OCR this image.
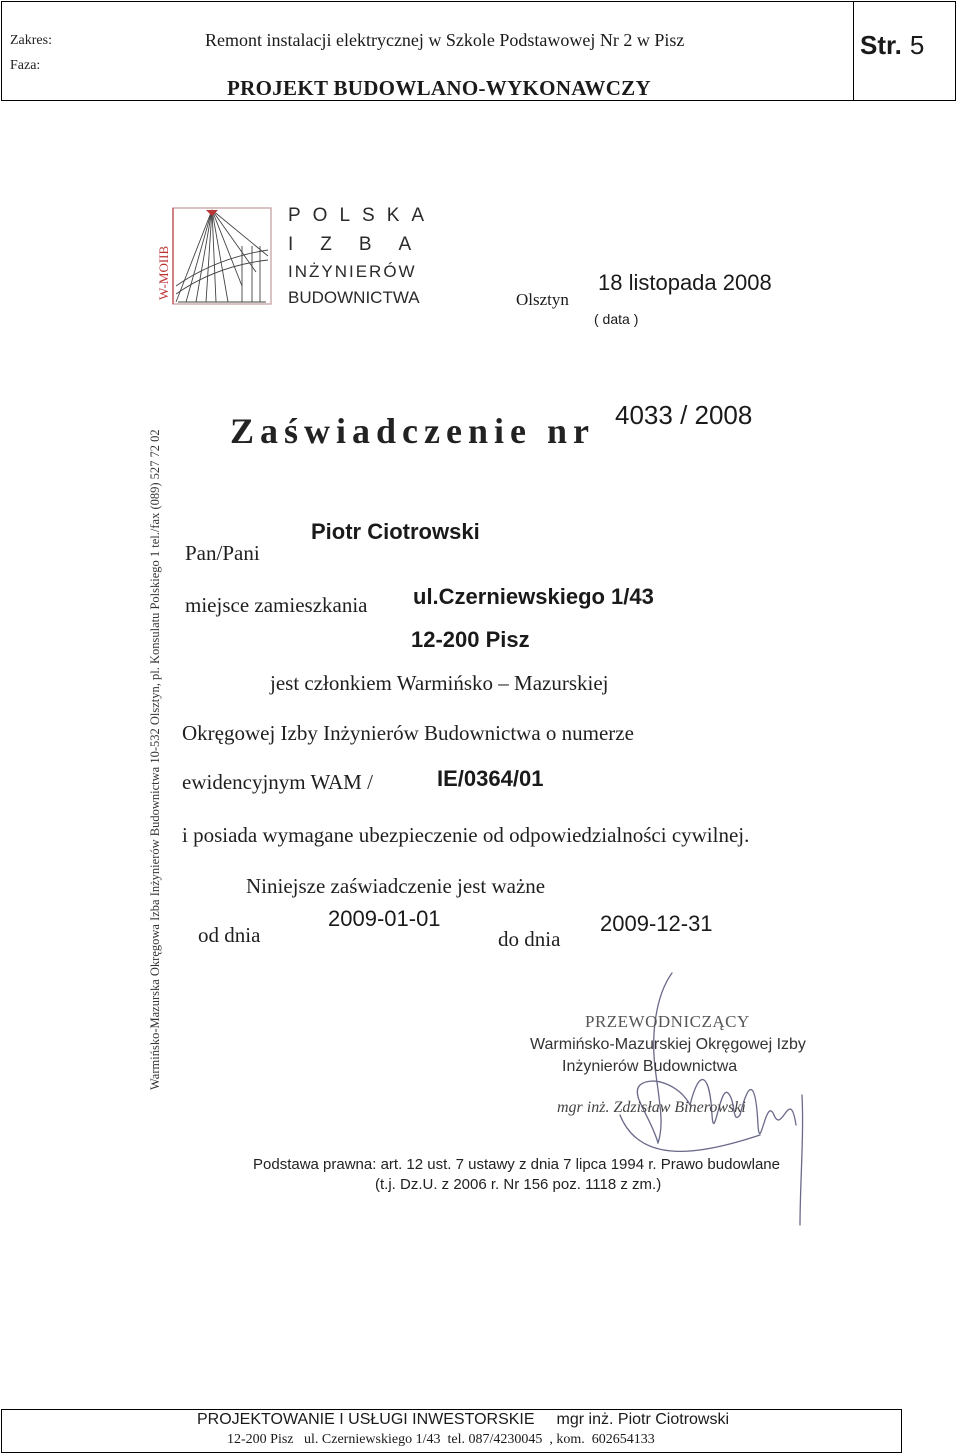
Zakres:
Faza:
Remont instalacji elektrycznej w Szkole Podstawowej Nr 2 w Pisz
PROJEKT BUDOWLANO-WYKONAWCZY
Str. 5
W-MOIIB
POLSKA
IZBA
INŻYNIERÓW
BUDOWNICTWA	Olsztyn
18 listopada 2008
( data )
Warmińsko-Mazurska Okręgowa Izba Inżynierów Budownictwa 10-532 Olsztyn, pl. Konsulatu Polskiego 1 tel./fax (089) 527 72 02 Zaświadczenie nr 4033 / 2008
Pan/Pani
Piotr Ciotrowski
miejsce zamieszkania ul.Czerniewskiego 1/43
12-200 Pisz
jest członkiem Warmińsko – Mazurskiej
Okręgowej Izby Inżynierów Budownictwa o numerze
ewidencyjnym WAM /	IE/0364/01
i posiada wymagane ubezpieczenie od odpowiedzialności cywilnej.
Niniejsze zaświadczenie jest ważne
od dnia
2009-01-01
do dnia
2009-12-31
PRZEWODNICZĄCY
Warmińsko-Mazurskiej Okręgowej Izby
Inżynierów Budownictwa
mgr inż. Zdzisław Binerowski
Podstawa prawna: art. 12 ust. 7 ustawy z dnia 7 lipca 1994 r. Prawo budowlane
(t.j. Dz.U. z 2006 r. Nr 156 poz. 1118 z zm.)
PROJEKTOWANIE I USŁUGI INWESTORSKIE mgr inż. Piotr Ciotrowski
12-200 Pisz   ul. Czerniewskiego 1/43  tel. 087/4230045  , kom.  602654133
